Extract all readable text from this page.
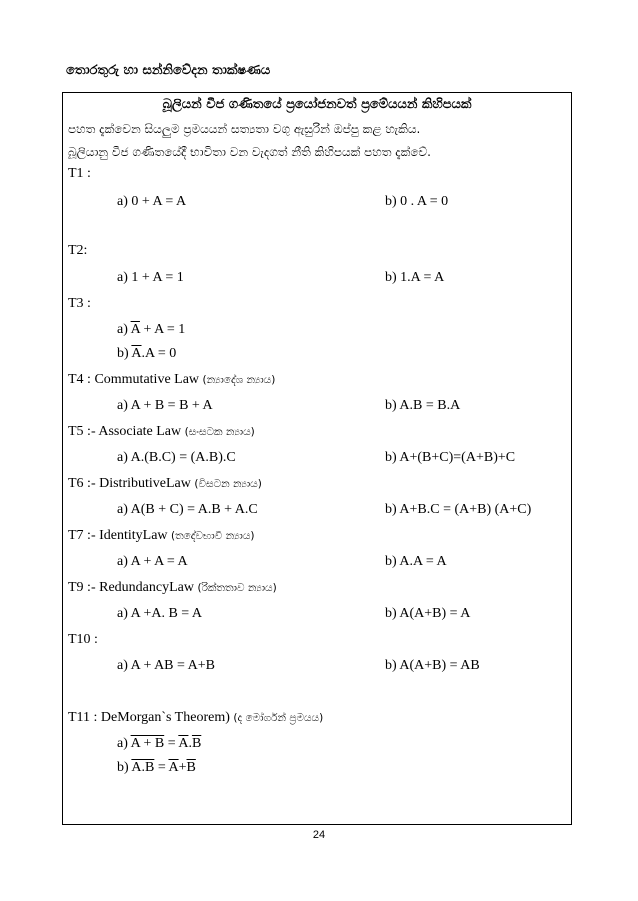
තොරතුරු හා සන්නිවේදන තාක්ෂණය
බූලියන් වීජ ගණිතයේ ප්‍රයෝජනවත් ප්‍රමේයයන් කිහිපයක්
පහත දැක්වෙන සියලුම ප්‍රමයයන් සත්‍යතා වගු ඇසුරින් ඔප්පු කළ හැකිය.
බූලියානු වීජ ගණිතයේදී භාවිතා වන වැදගත් නීති කිහිපයක් පහත දැක්වේ.
T1 :
a) 0 + A = A	b) 0 . A = 0
T2:
a) 1 + A = 1	b) 1.A = A
T3 :
a) $\overline{A} + A = 1$
b) $\overline{A}.A = 0$
T4 : Commutative Law (න්‍යාදේශ න්‍යාය)
a) A + B = B + A	b) A.B = B.A
T5 :- Associate Law (සංසටක න්‍යාය)
a) A.(B.C) = (A.B).C	b) A+(B+C)=(A+B)+C
T6 :- DistributiveLaw (විසටන න්‍යාය)
a) A(B + C) = A.B + A.C	b) A+B.C = (A+B) (A+C)
T7 :- IdentityLaw (තදේවභාවී න්‍යාය)
a) A + A = A	b) A.A = A
T9 :- RedundancyLaw (රික්තතාව න්‍යාය)
a) A +A. B = A	b) A(A+B) = A
T10 :
a) A + AB = A+B	b) A(A+B) = AB
T11 : DeMorgan`s Theorem) (ද මෝර්ගන් ප්‍රමයය)
a) $A + B = \overline{A}.\overline{B}$
b) $A.B = \overline{A}+\overline{B}$
24
